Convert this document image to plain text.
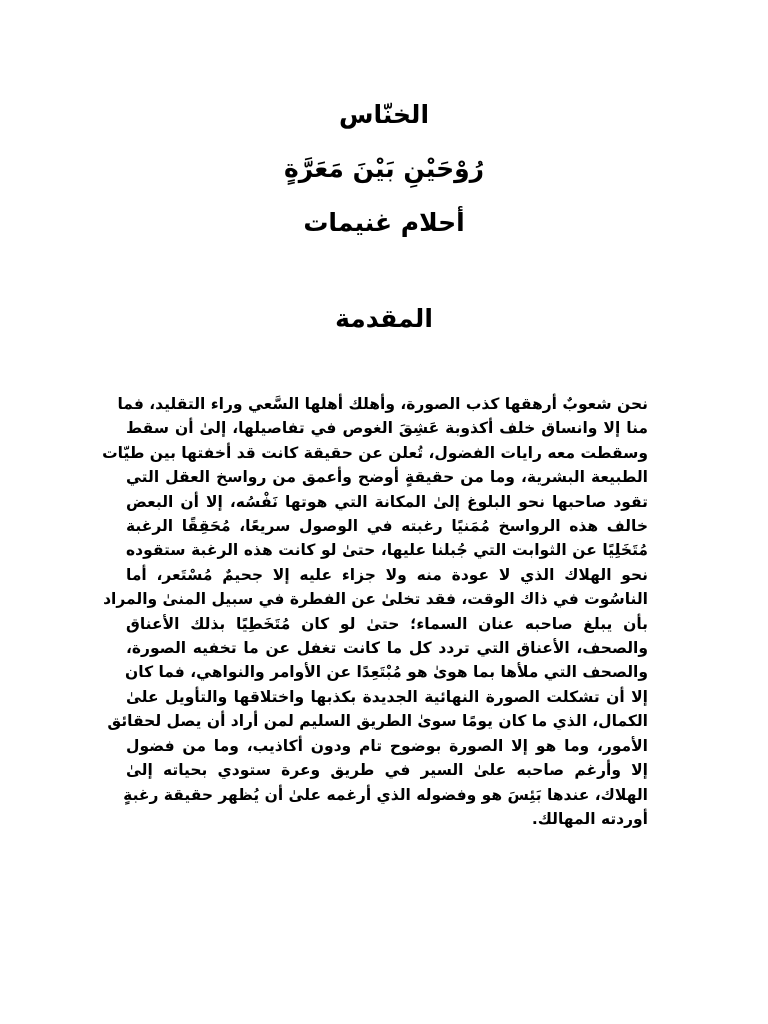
الخنّاس

رُوْحَيْنِ بَيْنَ مَعَرَّةٍ

أحلام غنيمات

المقدمة

نحن شعوبٌ أرهقها كذب الصورة، وأهلك أهلها السَّعي وراء التقليد، فما
منا إلا وانساق خلف أكذوبة عَشِقَ الغوص في تفاصيلها، إلىٰ أن سقط
وسقطت معه رايات الفضول، تُعلن عن حقيقة كانت قد أخفتها بين طيّات
الطبيعة البشرية، وما من حقيقةٍ أوضح وأعمق من رواسخ العقل التي
تقود صاحبها نحو البلوغ إلىٰ المكانة التي هوتها نَفْسُه، إلا أن البعض
خالف هذه الرواسخ مُمَنيًا رغبته في الوصول سريعًا، مُحَقِقًا الرغبة
مُتَخَلِيًا عن الثوابت التي جُبلنا عليها، حتىٰ لو كانت هذه الرغبة ستقوده
نحو الهلاك الذي لا عودة منه ولا جزاء عليه إلا جحيمٌ مُسْتَعر، أما
الناسُوت في ذاك الوقت، فقد تخلىٰ عن الفطرة في سبيل المنىٰ والمراد
بأن يبلغ صاحبه عنان السماء؛ حتىٰ لو كان مُتَخَطِيًا بذلك الأعناق
والصحف، الأعناق التي تردد كل ما كانت تغفل عن ما تخفيه الصورة،
والصحف التي ملأها بما هوىٰ هو مُبْتَعِدًا عن الأوامر والنواهي، فما كان
إلا أن تشكلت الصورة النهائية الجديدة بكذبها واختلاقها والتأويل علىٰ
الكمال، الذي ما كان يومًا سوىٰ الطريق السليم لمن أراد أن يصل لحقائق
الأمور، وما هو إلا الصورة بوضوح تام ودون أكاذيب، وما من فضول
إلا وأرغم صاحبه علىٰ السير في طريق وعرة ستودي بحياته إلىٰ
الهلاك، عندها بَئِسَ هو وفضوله الذي أرغمه علىٰ أن يُظهر حقيقة رغبةٍ
أوردته المهالك.
